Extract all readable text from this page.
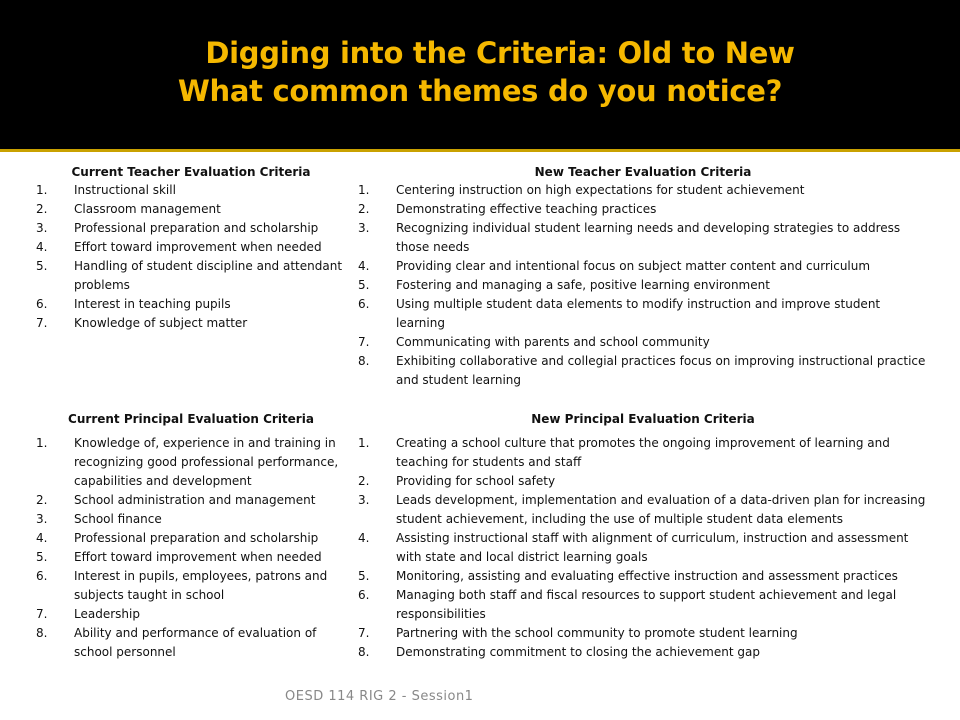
Digging into the Criteria: Old to New
What common themes do you notice?
Current Teacher Evaluation Criteria
1.	Instructional skill
2.	Classroom management
3.	Professional preparation and scholarship
4.	Effort toward improvement when needed
5.	Handling of student discipline and attendant problems
6.	Interest in teaching pupils
7.	Knowledge of subject matter
New Teacher Evaluation Criteria
1.	Centering instruction on high expectations for student achievement
2.	Demonstrating effective teaching practices
3.	Recognizing individual student learning needs and developing strategies to address those needs
4.	Providing clear and intentional focus on subject matter content and curriculum
5.	Fostering and managing a safe, positive learning environment
6.	Using multiple student data elements to modify instruction and improve student learning
7.	Communicating with parents and school community
8.	Exhibiting collaborative and collegial practices focus on improving instructional practice and student learning
Current Principal Evaluation Criteria
1.	Knowledge of, experience in and training in recognizing good professional performance, capabilities and development
2.	School administration and management
3.	School finance
4.	Professional preparation and scholarship
5.	Effort toward improvement when needed
6.	Interest in pupils, employees, patrons and subjects taught in school
7.	Leadership
8.	Ability and performance of evaluation of school personnel
New Principal Evaluation Criteria
1.	Creating a school culture that promotes the ongoing improvement of learning and teaching for students and staff
2.	Providing for school safety
3.	Leads development, implementation and evaluation of a data-driven plan for increasing student achievement, including the use of multiple student data elements
4.	Assisting instructional staff with alignment of curriculum, instruction and assessment with state and local district learning goals
5.	Monitoring, assisting and evaluating effective instruction and assessment practices
6.	Managing both staff and fiscal resources to support student achievement and legal responsibilities
7.	Partnering with the school community to promote student learning
8.	Demonstrating commitment to closing the achievement gap
OESD 114 RIG 2 - Session1
